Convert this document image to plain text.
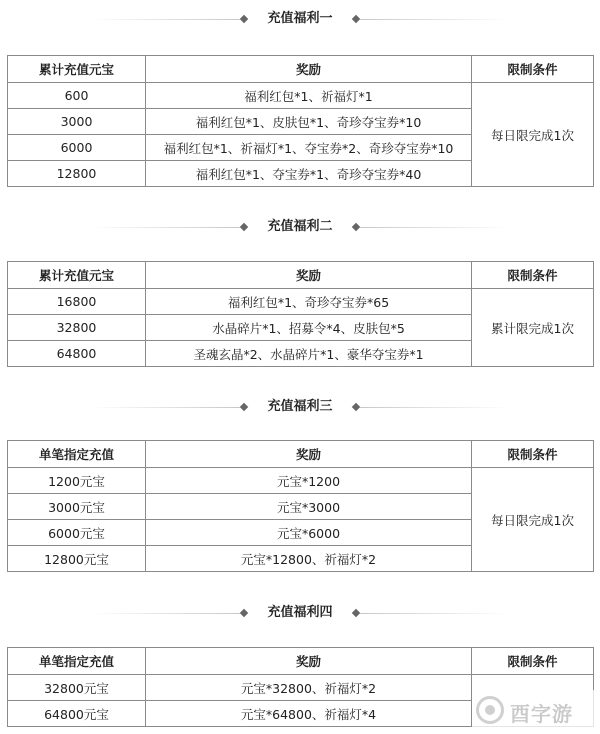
充值福利一
累计充值元宝	奖励	限制条件
600	福利红包*1、祈福灯*1	每日限完成1次
3000	福利红包*1、皮肤包*1、奇珍夺宝券*10	
6000	福利红包*1、祈福灯*1、夺宝券*2、奇珍夺宝券*10	
12800	福利红包*1、夺宝券*1、奇珍夺宝券*40	
充值福利二
累计充值元宝	奖励	限制条件
16800	福利红包*1、奇珍夺宝券*65	累计限完成1次
32800	水晶碎片*1、招募令*4、皮肤包*5	
64800	圣魂玄晶*2、水晶碎片*1、豪华夺宝券*1	
充值福利三
单笔指定充值	奖励	限制条件
1200元宝	元宝*1200	每日限完成1次
3000元宝	元宝*3000	
6000元宝	元宝*6000	
12800元宝	元宝*12800、祈福灯*2	
充值福利四
单笔指定充值	奖励	限制条件
32800元宝	元宝*32800、祈福灯*2	
64800元宝	元宝*64800、祈福灯*4		酉字游
